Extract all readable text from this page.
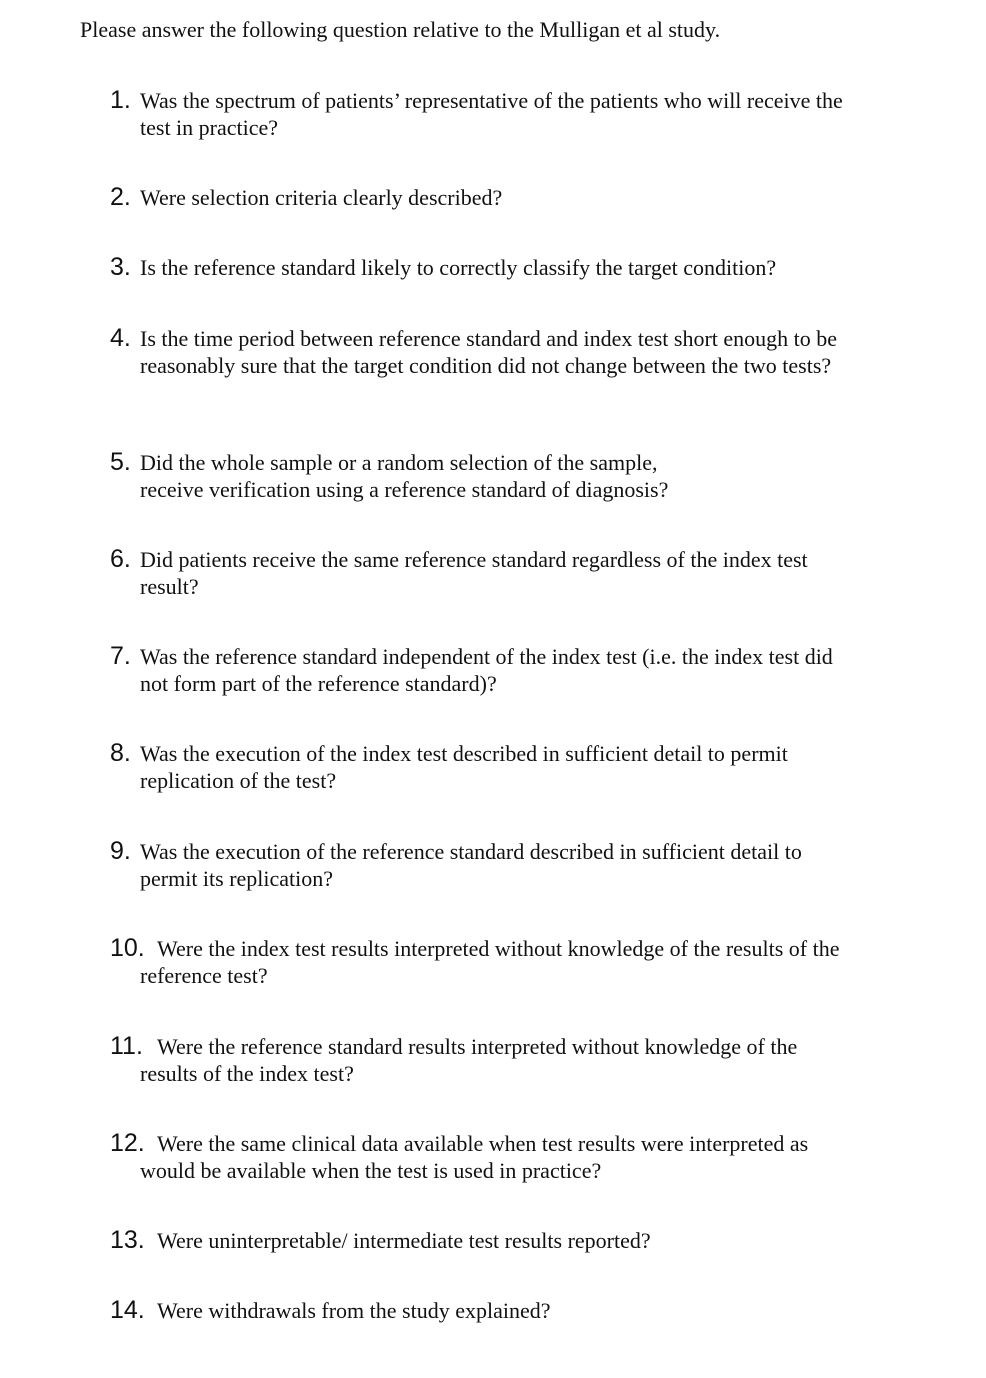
Please answer the following question relative to the Mulligan et al study.
1. Was the spectrum of patients’ representative of the patients who will receive the test in practice?
2. Were selection criteria clearly described?
3. Is the reference standard likely to correctly classify the target condition?
4. Is the time period between reference standard and index test short enough to be reasonably sure that the target condition did not change between the two tests?
5. Did the whole sample or a random selection of the sample,
receive verification using a reference standard of diagnosis?
6. Did patients receive the same reference standard regardless of the index test result?
7. Was the reference standard independent of the index test (i.e. the index test did not form part of the reference standard)?
8. Was the execution of the index test described in sufficient detail to permit replication of the test?
9. Was the execution of the reference standard described in sufficient detail to permit its replication?
10. Were the index test results interpreted without knowledge of the results of the reference test?
11. Were the reference standard results interpreted without knowledge of the results of the index test?
12. Were the same clinical data available when test results were interpreted as would be available when the test is used in practice?
13. Were uninterpretable/ intermediate test results reported?
14. Were withdrawals from the study explained?
